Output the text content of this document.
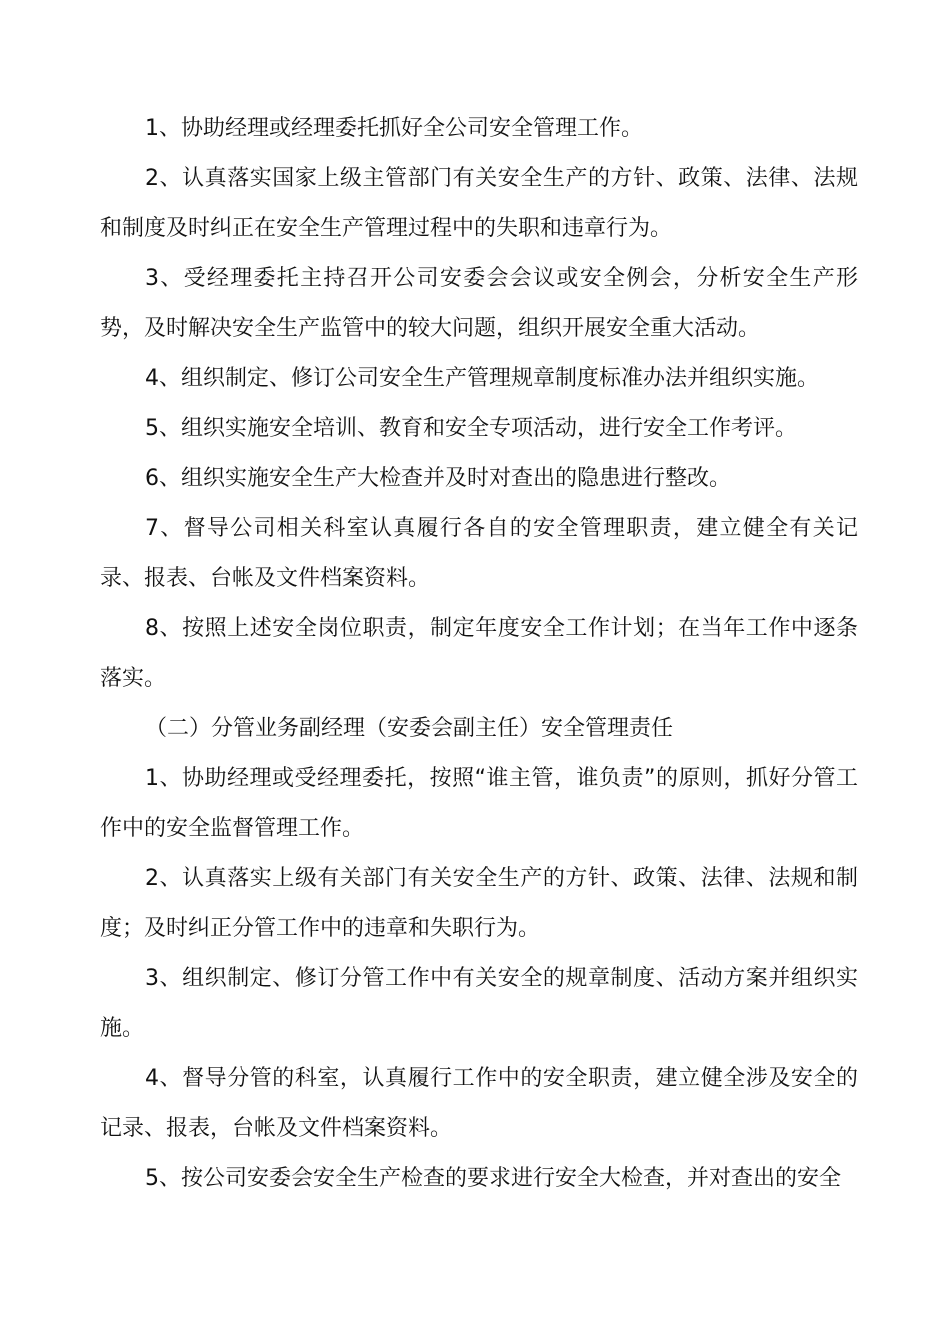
1、协助经理或经理委托抓好全公司安全管理工作。

2、认真落实国家上级主管部门有关安全生产的方针、政策、法律、法规和制度及时纠正在安全生产管理过程中的失职和违章行为。

3、受经理委托主持召开公司安委会会议或安全例会，分析安全生产形势，及时解决安全生产监管中的较大问题，组织开展安全重大活动。

4、组织制定、修订公司安全生产管理规章制度标准办法并组织实施。

5、组织实施安全培训、教育和安全专项活动，进行安全工作考评。

6、组织实施安全生产大检查并及时对查出的隐患进行整改。

7、督导公司相关科室认真履行各自的安全管理职责，建立健全有关记录、报表、台帐及文件档案资料。

8、按照上述安全岗位职责，制定年度安全工作计划；在当年工作中逐条落实。

（二）分管业务副经理（安委会副主任）安全管理责任

1、协助经理或受经理委托，按照“谁主管，谁负责”的原则，抓好分管工作中的安全监督管理工作。

2、认真落实上级有关部门有关安全生产的方针、政策、法律、法规和制度；及时纠正分管工作中的违章和失职行为。

3、组织制定、修订分管工作中有关安全的规章制度、活动方案并组织实施。

4、督导分管的科室，认真履行工作中的安全职责，建立健全涉及安全的记录、报表，台帐及文件档案资料。

5、按公司安委会安全生产检查的要求进行安全大检查，并对查出的安全
